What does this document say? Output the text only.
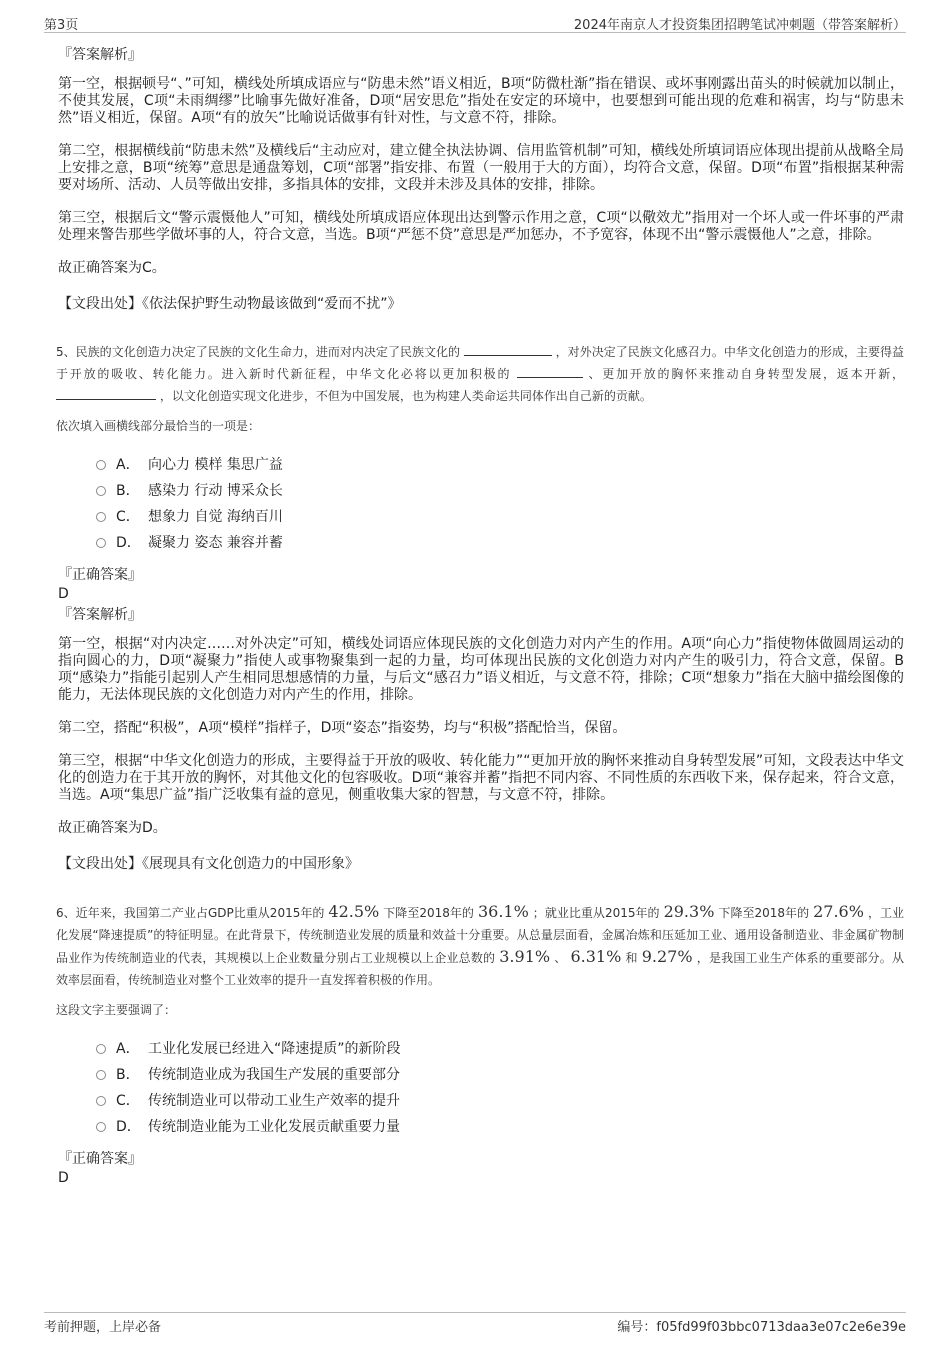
第3页	2024年南京人才投资集团招聘笔试冲刺题（带答案解析）
『答案解析』

第一空，根据顿号“、”可知，横线处所填成语应与“防患未然”语义相近，B项“防微杜渐”指在错误、或坏事刚露出苗头的时候就加以制止，不使其发展，C项“未雨绸缪”比喻事先做好准备，D项“居安思危”指处在安定的环境中，也要想到可能出现的危难和祸害，均与“防患未然”语义相近，保留。A项“有的放矢”比喻说话做事有针对性，与文意不符，排除。

第二空，根据横线前“防患未然”及横线后“主动应对，建立健全执法协调、信用监管机制”可知，横线处所填词语应体现出提前从战略全局上安排之意，B项“统筹”意思是通盘筹划，C项“部署”指安排、布置（一般用于大的方面），均符合文意，保留。D项“布置”指根据某种需要对场所、活动、人员等做出安排，多指具体的安排，文段并未涉及具体的安排，排除。

第三空，根据后文“警示震慑他人”可知，横线处所填成语应体现出达到警示作用之意，C项“以儆效尤”指用对一个坏人或一件坏事的严肃处理来警告那些学做坏事的人，符合文意，当选。B项“严惩不贷”意思是严加惩办，不予宽容，体现不出“警示震慑他人”之意，排除。

故正确答案为C。

【文段出处】《依法保护野生动物最该做到“爱而不扰”》
5、民族的文化创造力决定了民族的文化生命力，进而对内决定了民族文化的	，对外决定了民族文化感召力。中华文化创造力的形成，主要得益于开放的吸收、转化能力。进入新时代新征程，中华文化必将以更加积极的	、更加开放的胸怀来推动自身转型发展，返本开新，  ，以文化创造实现文化进步，不但为中国发展，也为构建人类命运共同体作出自己新的贡献。
依次填入画横线部分最恰当的一项是：
A． 向心力 模样 集思广益
B． 感染力 行动 博采众长
C． 想象力 自觉 海纳百川
D． 凝聚力 姿态 兼容并蓄
『正确答案』
D
『答案解析』

第一空，根据“对内决定……对外决定”可知，横线处词语应体现民族的文化创造力对内产生的作用。A项“向心力”指使物体做圆周运动的指向圆心的力，D项“凝聚力”指使人或事物聚集到一起的力量，均可体现出民族的文化创造力对内产生的吸引力，符合文意，保留。B项“感染力”指能引起别人产生相同思想感情的力量，与后文“感召力”语义相近，与文意不符，排除；C项“想象力”指在大脑中描绘图像的能力，无法体现民族的文化创造力对内产生的作用，排除。

第二空，搭配“积极”，A项“模样”指样子，D项“姿态”指姿势，均与“积极”搭配恰当，保留。

第三空，根据“中华文化创造力的形成，主要得益于开放的吸收、转化能力”“更加开放的胸怀来推动自身转型发展”可知，文段表达中华文化的创造力在于其开放的胸怀，对其他文化的包容吸收。D项“兼容并蓄”指把不同内容、不同性质的东西收下来，保存起来，符合文意，当选。A项“集思广益”指广泛收集有益的意见，侧重收集大家的智慧，与文意不符，排除。

故正确答案为D。

【文段出处】《展现具有文化创造力的中国形象》
6、近年来，我国第二产业占GDP比重从2015年的 42.5% 下降至2018年的 36.1% ；就业比重从2015年的 29.3% 下降至2018年的 27.6% ，工业化发展“降速提质”的特征明显。在此背景下，传统制造业发展的质量和效益十分重要。从总量层面看，金属冶炼和压延加工业、通用设备制造业、非金属矿物制品业作为传统制造业的代表，其规模以上企业数量分别占工业规模以上企业总数的 3.91% 、 6.31% 和 9.27% ，是我国工业生产体系的重要部分。从效率层面看，传统制造业对整个工业效率的提升一直发挥着积极的作用。
这段文字主要强调了：
A． 工业化发展已经进入“降速提质”的新阶段
B． 传统制造业成为我国生产发展的重要部分
C． 传统制造业可以带动工业生产效率的提升
D． 传统制造业能为工业化发展贡献重要力量
『正确答案』
D
考前押题，上岸必备	编号：f05fd99f03bbc0713daa3e07c2e6e39e
